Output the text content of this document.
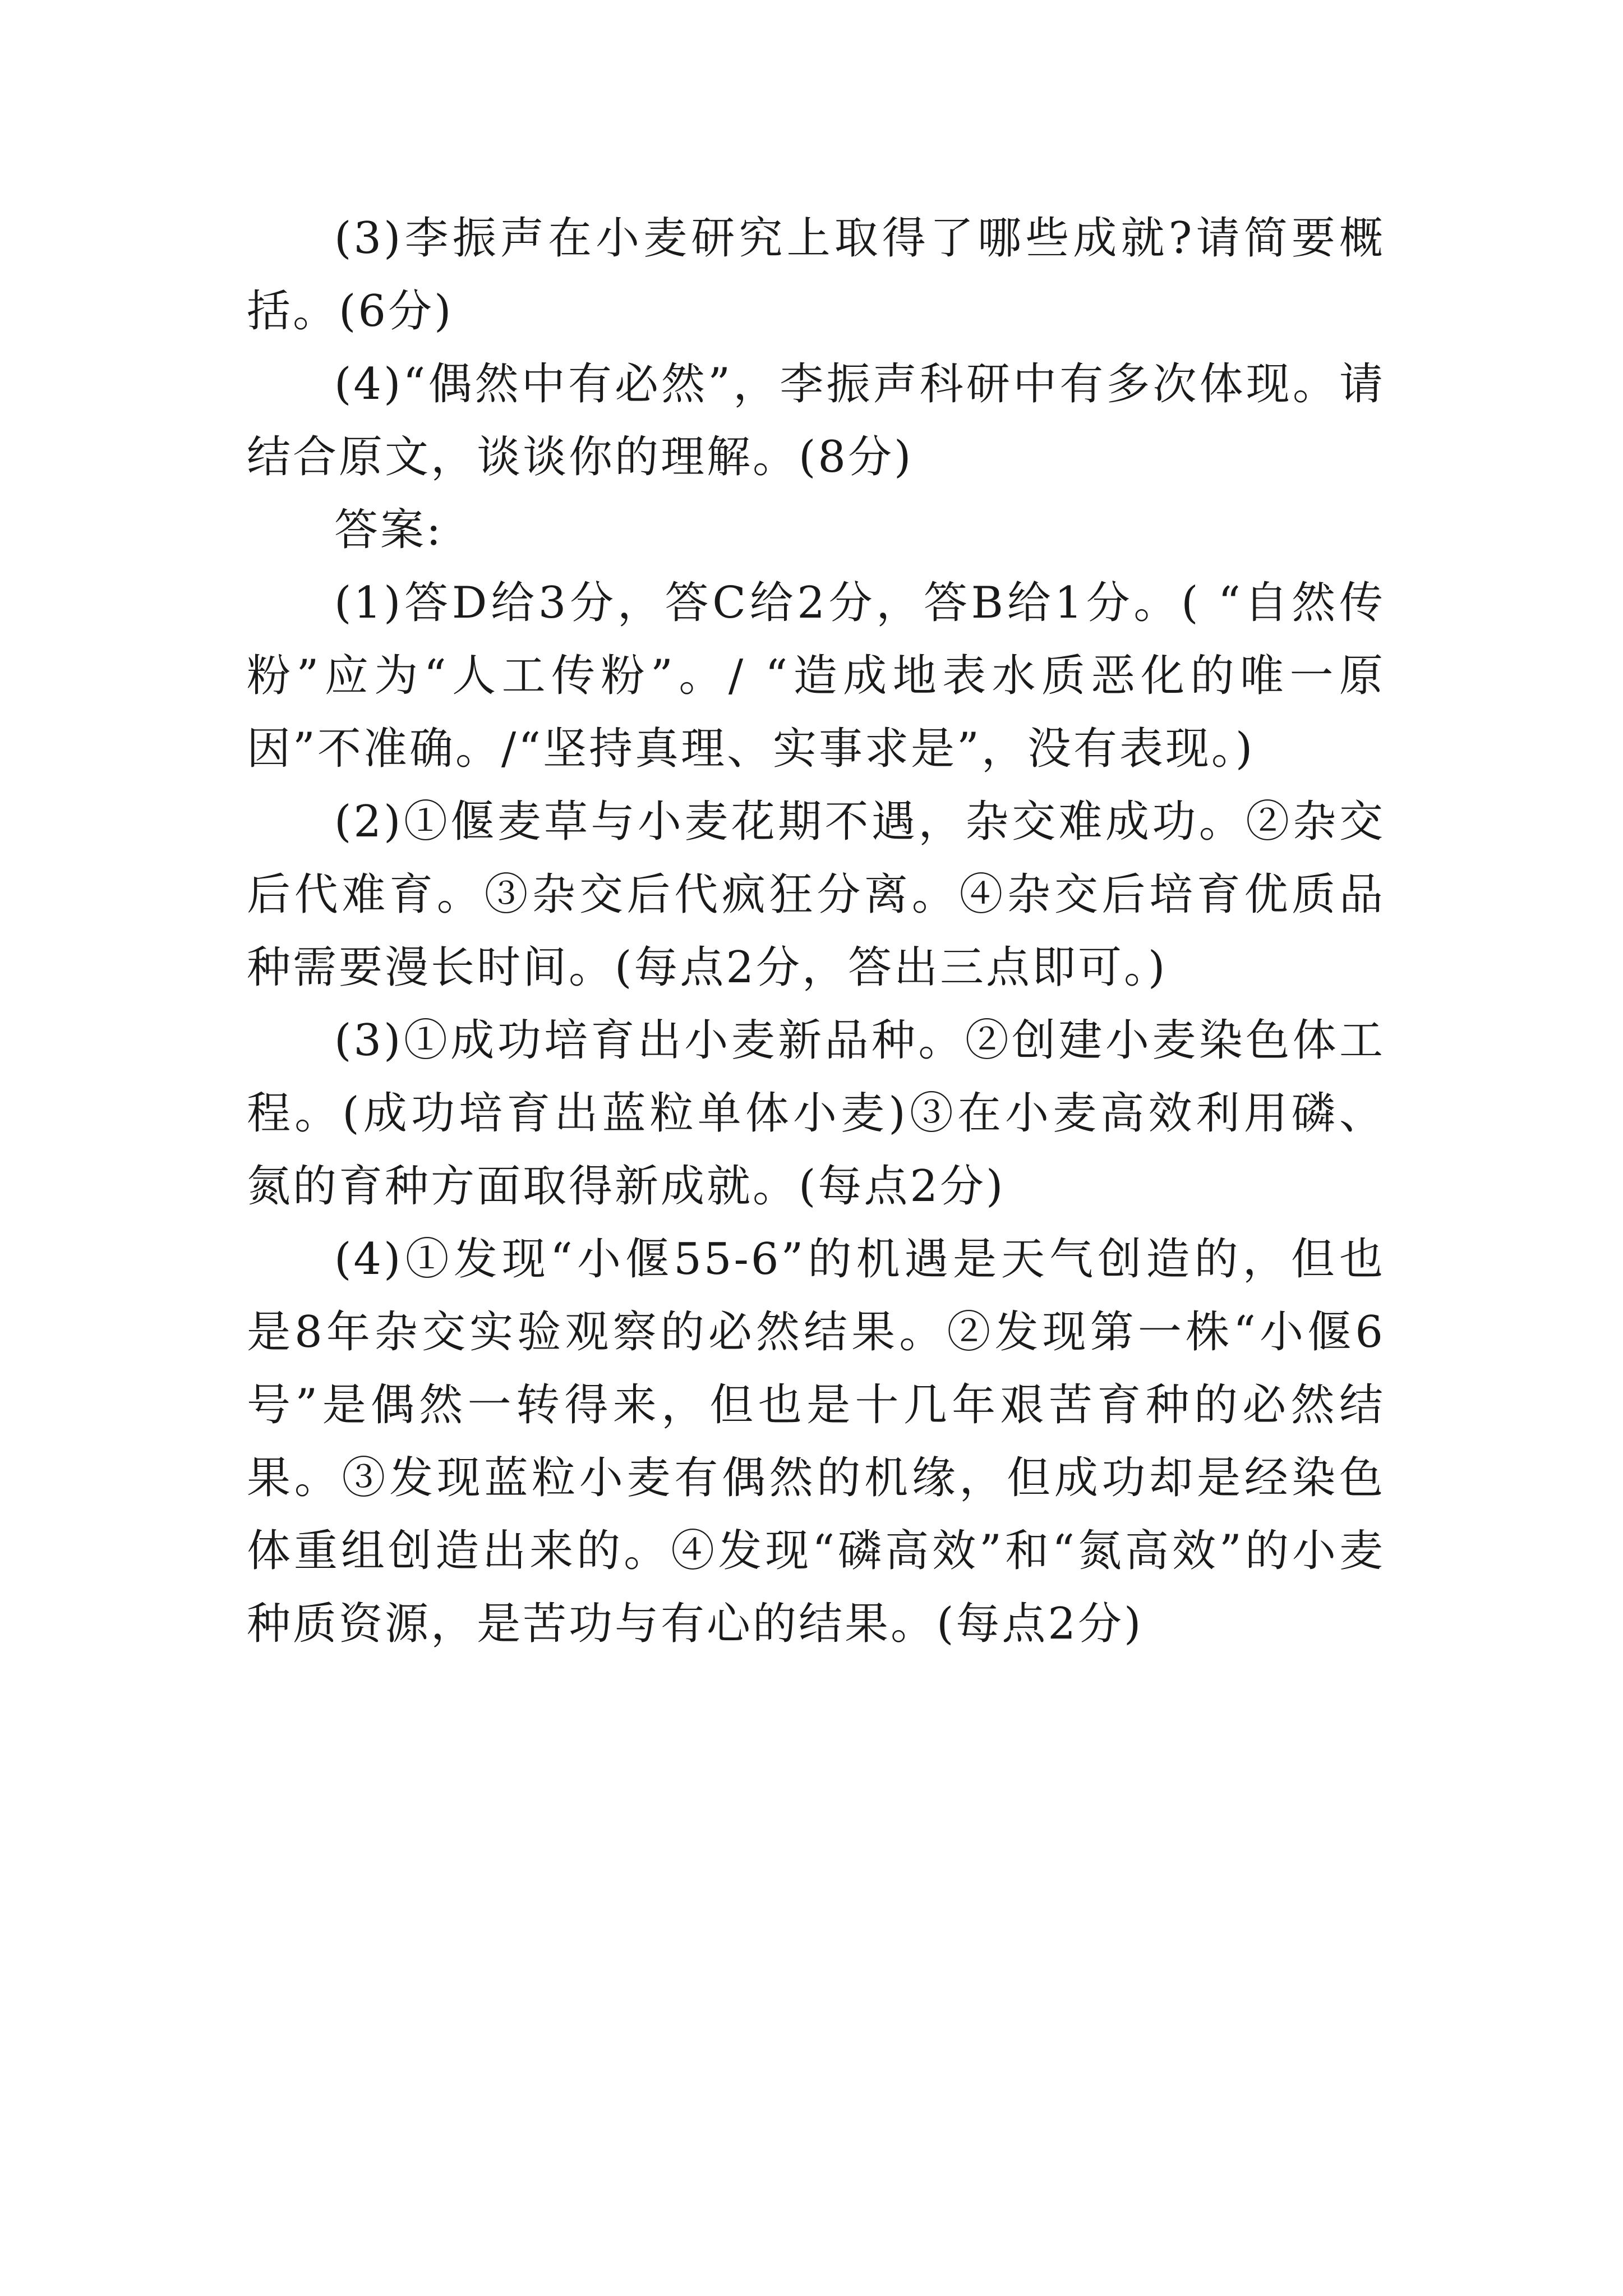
(3)李振声在小麦研究上取得了哪些成就?请简要概括。(6分)

(4)“偶然中有必然”，李振声科研中有多次体现。请结合原文，谈谈你的理解。(8分)

答案:

(1)答D给3分，答C给2分，答B给1分。( “自然传粉”应为“人工传粉”。/ “造成地表水质恶化的唯一原因”不准确。/“坚持真理、实事求是”，没有表现。)

(2)①偃麦草与小麦花期不遇，杂交难成功。②杂交后代难育。③杂交后代疯狂分离。④杂交后培育优质品种需要漫长时间。(每点2分，答出三点即可。)

(3)①成功培育出小麦新品种。②创建小麦染色体工程。(成功培育出蓝粒单体小麦)③在小麦高效利用磷、氮的育种方面取得新成就。(每点2分)

(4)①发现“小偃55-6”的机遇是天气创造的，但也是8年杂交实验观察的必然结果。②发现第一株“小偃6号”是偶然一转得来，但也是十几年艰苦育种的必然结果。③发现蓝粒小麦有偶然的机缘，但成功却是经染色体重组创造出来的。④发现“磷高效”和“氮高效”的小麦种质资源，是苦功与有心的结果。(每点2分)
